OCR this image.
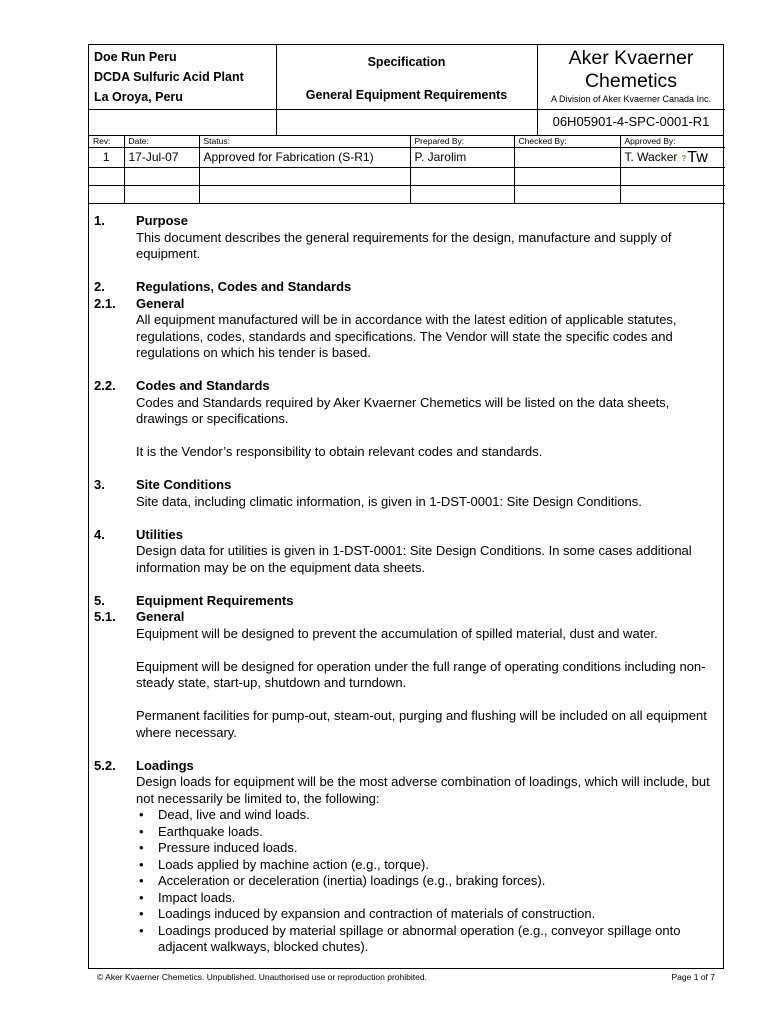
Doe Run Peru
DCDA Sulfuric Acid Plant
La Oroya, Peru
Specification
General Equipment Requirements
Aker Kvaerner
Chemetics
A Division of Aker Kvaerner Canada Inc.
06H05901-4-SPC-0001-R1
Rev:	Date:	Status:	Prepared By:	Checked By:	Approved By:
1	17-Jul-07	Approved for Fabrication (S-R1)	P. Jarolim		T. Wacker ?Tw

1. Purpose
This document describes the general requirements for the design, manufacture and supply of equipment.
2. Regulations, Codes and Standards
2.1. General
All equipment manufactured will be in accordance with the latest edition of applicable statutes, regulations, codes, standards and specifications. The Vendor will state the specific codes and regulations on which his tender is based.
2.2. Codes and Standards
Codes and Standards required by Aker Kvaerner Chemetics will be listed on the data sheets, drawings or specifications.
It is the Vendor’s responsibility to obtain relevant codes and standards.
3. Site Conditions
Site data, including climatic information, is given in 1-DST-0001: Site Design Conditions.
4. Utilities
Design data for utilities is given in 1-DST-0001: Site Design Conditions. In some cases additional information may be on the equipment data sheets.
5. Equipment Requirements
5.1. General
Equipment will be designed to prevent the accumulation of spilled material, dust and water.
Equipment will be designed for operation under the full range of operating conditions including non-steady state, start-up, shutdown and turndown.
Permanent facilities for pump-out, steam-out, purging and flushing will be included on all equipment where necessary.
5.2. Loadings
Design loads for equipment will be the most adverse combination of loadings, which will include, but not necessarily be limited to, the following:
• Dead, live and wind loads.
• Earthquake loads.
• Pressure induced loads.
• Loads applied by machine action (e.g., torque).
• Acceleration or deceleration (inertia) loadings (e.g., braking forces).
• Impact loads.
• Loadings induced by expansion and contraction of materials of construction.
• Loadings produced by material spillage or abnormal operation (e.g., conveyor spillage onto adjacent walkways, blocked chutes).
© Aker Kvaerner Chemetics. Unpublished. Unauthorised use or reproduction prohibited.	Page 1 of 7
